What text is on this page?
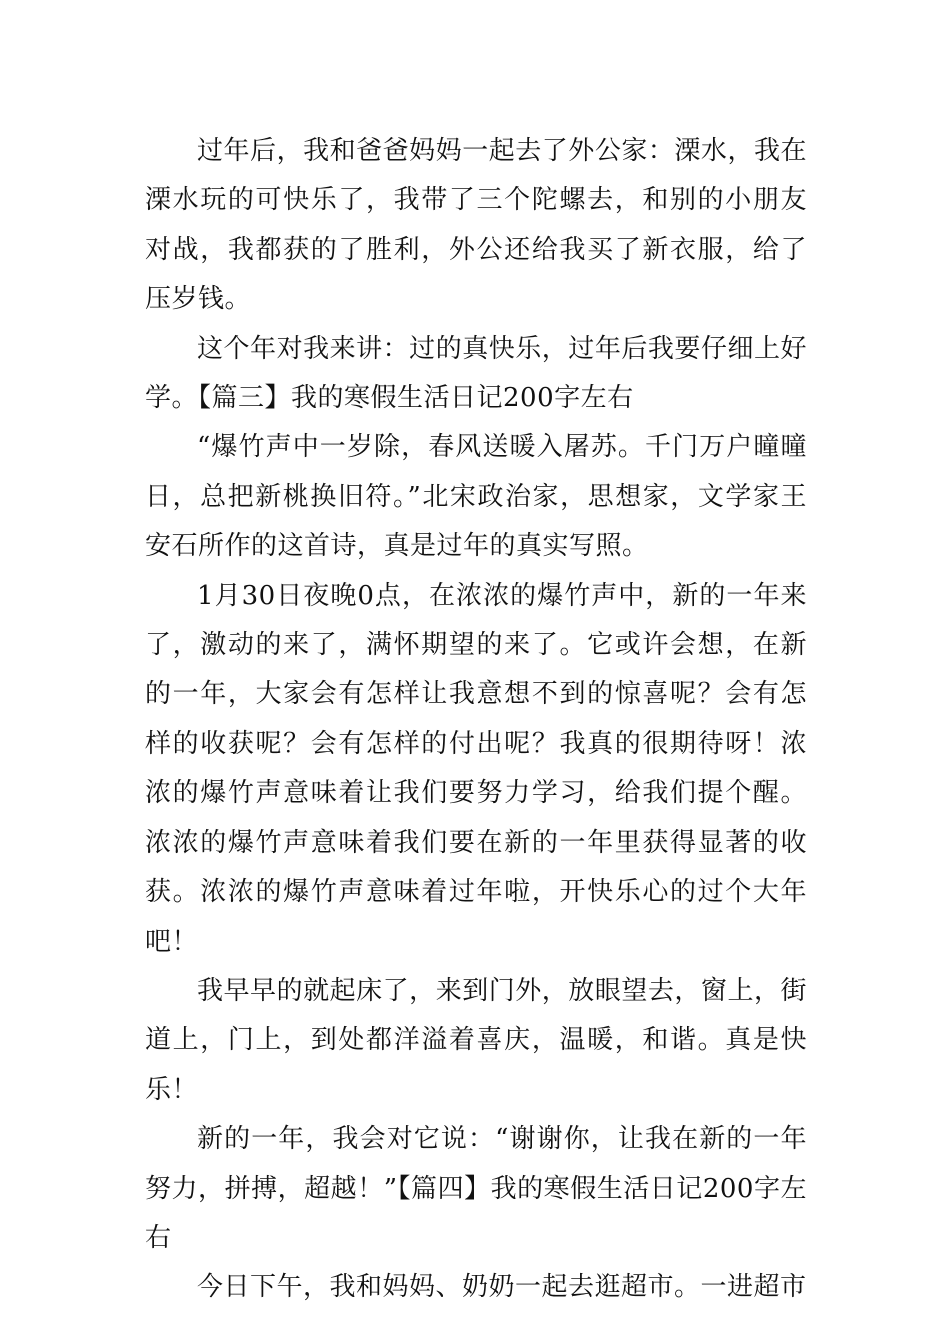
过年后，我和爸爸妈妈一起去了外公家：溧水，我在溧水玩的可快乐了，我带了三个陀螺去，和别的小朋友对战，我都获的了胜利，外公还给我买了新衣服，给了压岁钱。

这个年对我来讲：过的真快乐，过年后我要仔细上好学。【篇三】我的寒假生活日记200字左右

“爆竹声中一岁除，春风送暖入屠苏。千门万户曈曈日，总把新桃换旧符。”北宋政治家，思想家，文学家王安石所作的这首诗，真是过年的真实写照。

1月30日夜晚0点，在浓浓的爆竹声中，新的一年来了，激动的来了，满怀期望的来了。它或许会想，在新的一年，大家会有怎样让我意想不到的惊喜呢？会有怎样的收获呢？会有怎样的付出呢？我真的很期待呀！浓浓的爆竹声意味着让我们要努力学习，给我们提个醒。浓浓的爆竹声意味着我们要在新的一年里获得显著的收获。浓浓的爆竹声意味着过年啦，开快乐心的过个大年吧！

我早早的就起床了，来到门外，放眼望去，窗上，街道上，门上，到处都洋溢着喜庆，温暖，和谐。真是快乐！

新的一年，我会对它说：“谢谢你，让我在新的一年努力，拼搏，超越！”【篇四】我的寒假生活日记200字左右

今日下午，我和妈妈、奶奶一起去逛超市。一进超市
